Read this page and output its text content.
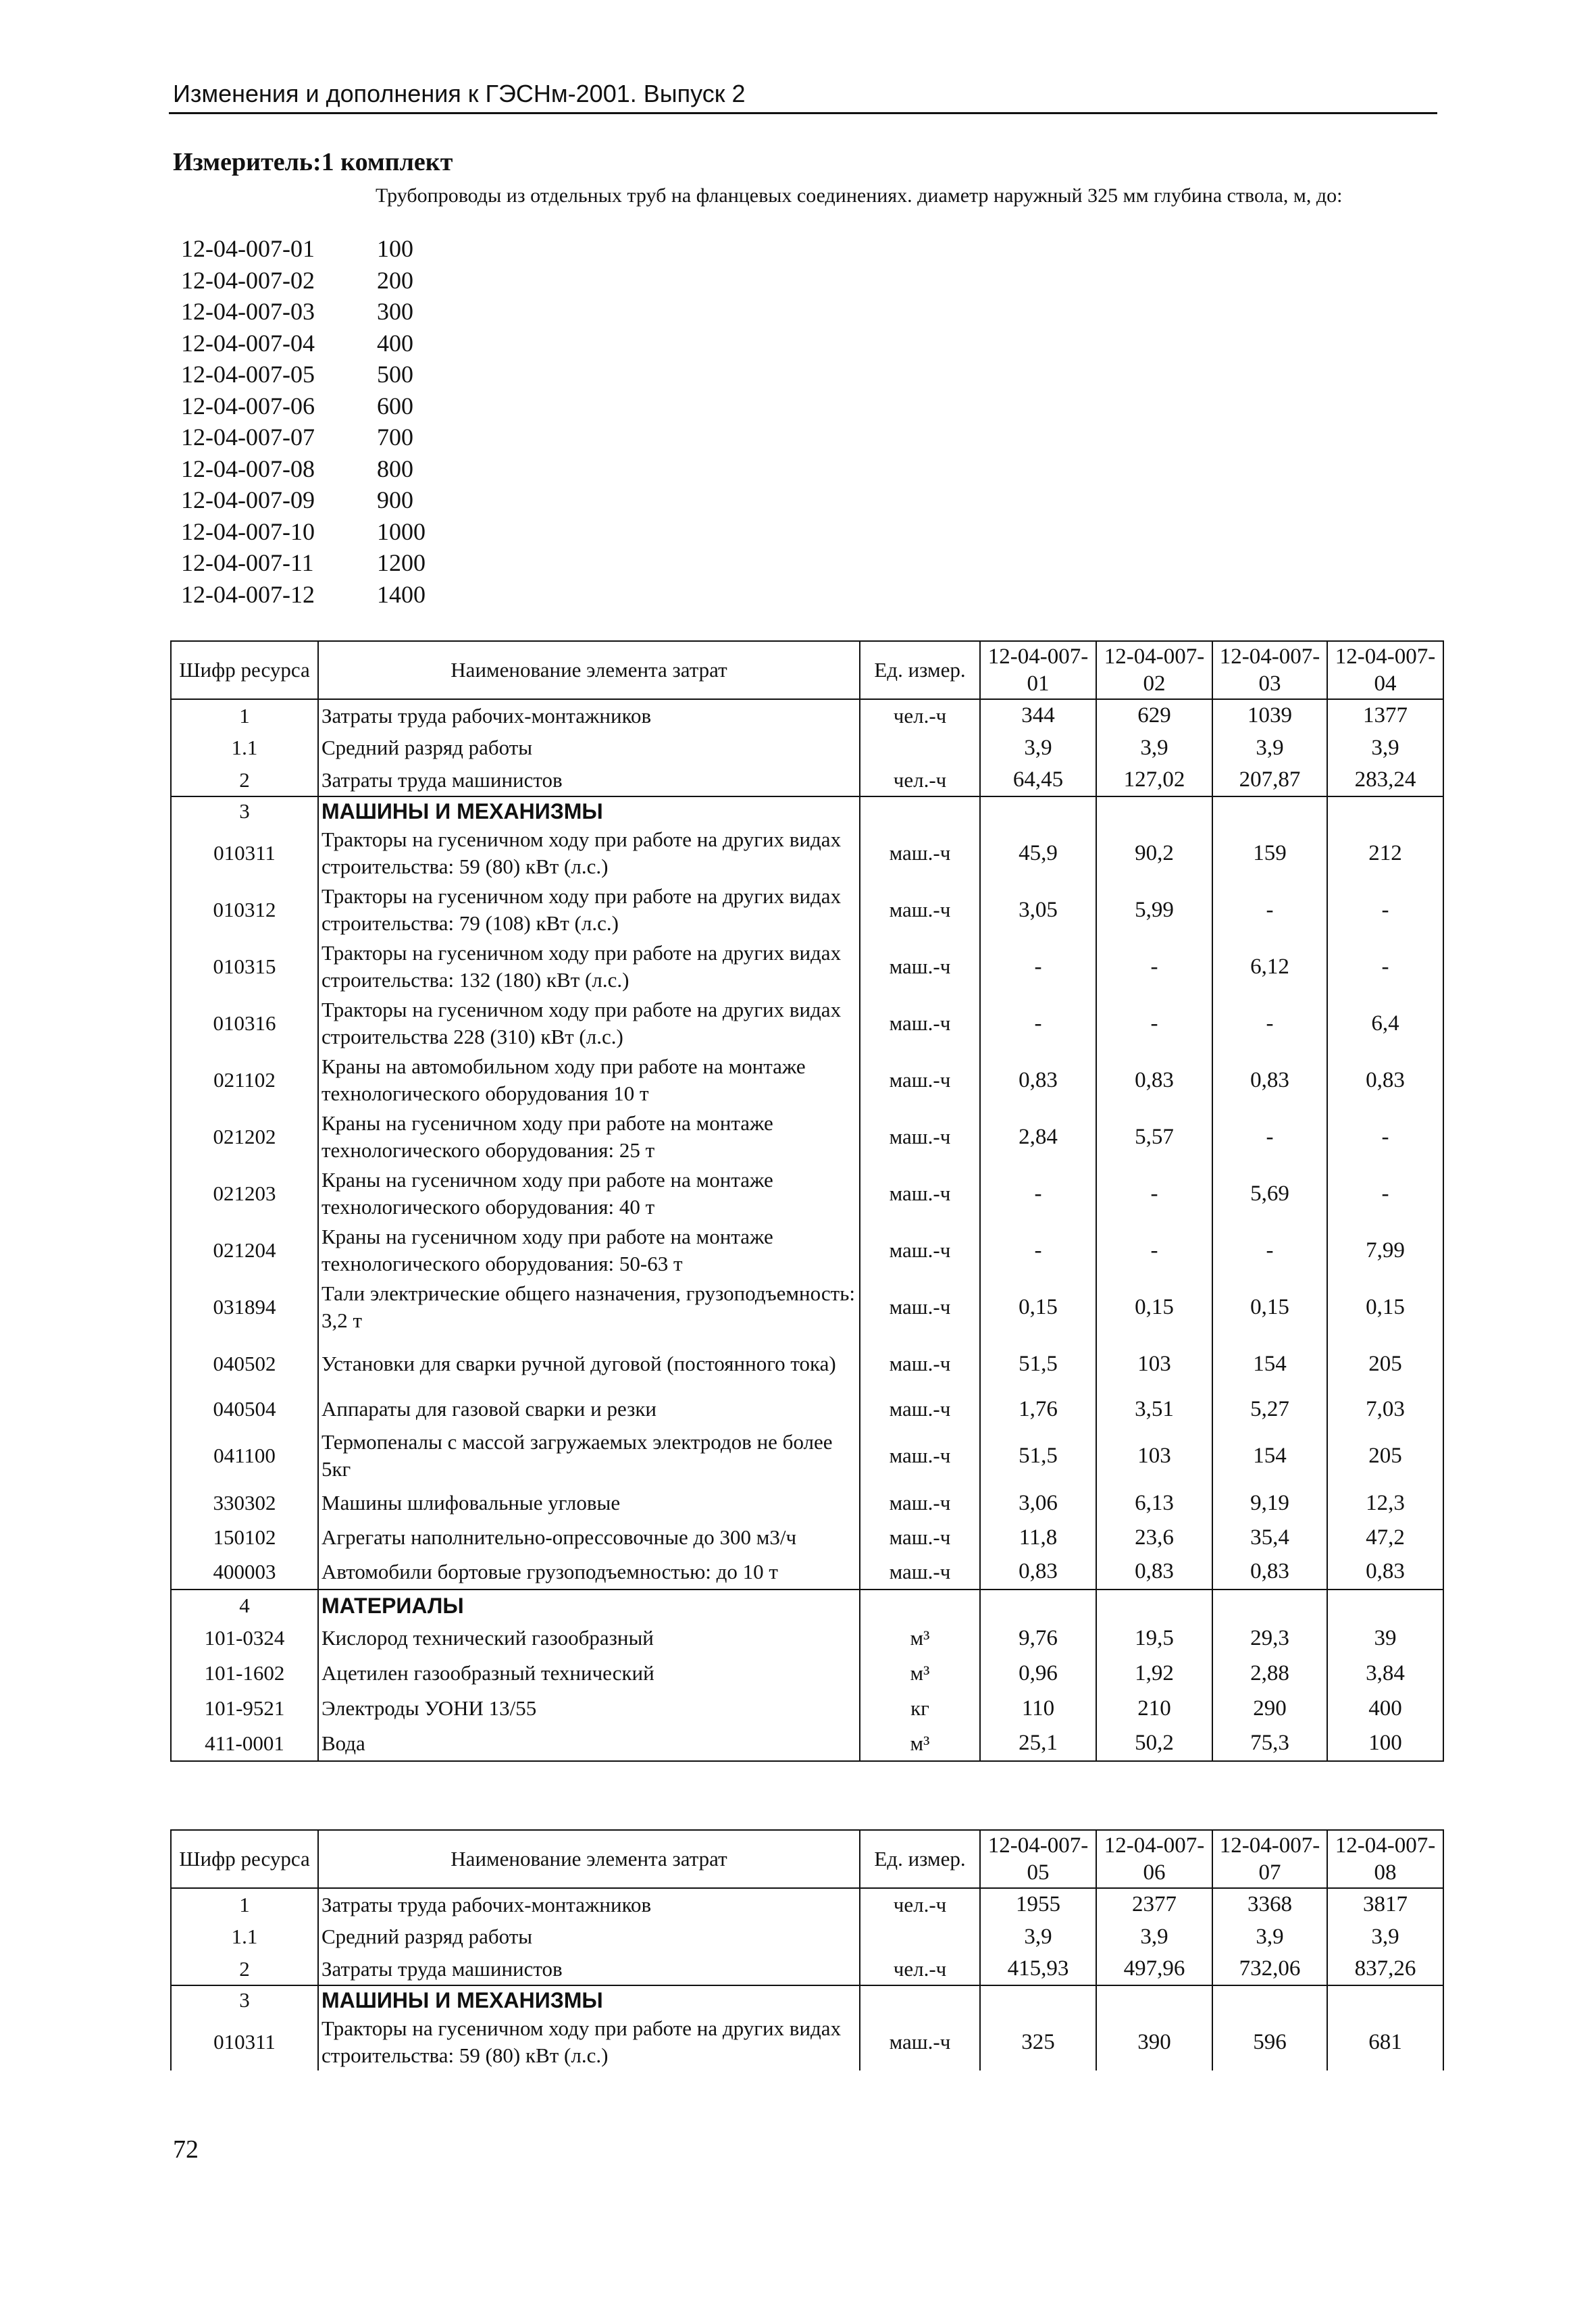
Изменения и дополнения к ГЭСНм-2001. Выпуск 2
Измеритель:1 комплект
Трубопроводы из отдельных труб на фланцевых соединениях. диаметр наружный 325 мм глубина ствола, м, до:
12-04-007-01	100
12-04-007-02	200
12-04-007-03	300
12-04-007-04	400
12-04-007-05	500
12-04-007-06	600
12-04-007-07	700
12-04-007-08	800
12-04-007-09	900
12-04-007-10	1000
12-04-007-11	1200
12-04-007-12	1400
Шифр ресурса	Наименование элемента затрат	Ед. измер.	12-04-007-01	12-04-007-02	12-04-007-03	12-04-007-04
1	Затраты труда рабочих-монтажников	чел.-ч	344	629	1039	1377
1.1	Средний разряд работы		3,9	3,9	3,9	3,9
2	Затраты труда машинистов	чел.-ч	64,45	127,02	207,87	283,24
3	МАШИНЫ И МЕХАНИЗМЫ					
010311	Тракторы на гусеничном ходу при работе на других видах строительства: 59 (80) кВт (л.с.)	маш.-ч	45,9	90,2	159	212
010312	Тракторы на гусеничном ходу при работе на других видах строительства: 79 (108) кВт (л.с.)	маш.-ч	3,05	5,99	-	-
010315	Тракторы на гусеничном ходу при работе на других видах строительства: 132 (180) кВт (л.с.)	маш.-ч	-	-	6,12	-
010316	Тракторы на гусеничном ходу при работе на других видах строительства 228 (310) кВт (л.с.)	маш.-ч	-	-	-	6,4
021102	Краны на автомобильном ходу при работе на монтаже технологического оборудования 10 т	маш.-ч	0,83	0,83	0,83	0,83
021202	Краны на гусеничном ходу при работе на монтаже технологического оборудования: 25 т	маш.-ч	2,84	5,57	-	-
021203	Краны на гусеничном ходу при работе на монтаже технологического оборудования: 40 т	маш.-ч	-	-	5,69	-
021204	Краны на гусеничном ходу при работе на монтаже технологического оборудования: 50-63 т	маш.-ч	-	-	-	7,99
031894	Тали электрические общего назначения, грузоподъемность: 3,2 т	маш.-ч	0,15	0,15	0,15	0,15
040502	Установки для сварки ручной дуговой (постоянного тока)	маш.-ч	51,5	103	154	205
040504	Аппараты для газовой сварки и резки	маш.-ч	1,76	3,51	5,27	7,03
041100	Термопеналы с массой загружаемых электродов не более 5кг	маш.-ч	51,5	103	154	205
330302	Машины шлифовальные угловые	маш.-ч	3,06	6,13	9,19	12,3
150102	Агрегаты наполнительно-опрессовочные до 300 м3/ч	маш.-ч	11,8	23,6	35,4	47,2
400003	Автомобили бортовые грузоподъемностью: до 10 т	маш.-ч	0,83	0,83	0,83	0,83
4	МАТЕРИАЛЫ					
101-0324	Кислород технический газообразный	м³	9,76	19,5	29,3	39
101-1602	Ацетилен газообразный технический	м³	0,96	1,92	2,88	3,84
101-9521	Электроды УОНИ 13/55	кг	110	210	290	400
411-0001	Вода	м³	25,1	50,2	75,3	100
Шифр ресурса	Наименование элемента затрат	Ед. измер.	12-04-007-05	12-04-007-06	12-04-007-07	12-04-007-08
1	Затраты труда рабочих-монтажников	чел.-ч	1955	2377	3368	3817
1.1	Средний разряд работы		3,9	3,9	3,9	3,9
2	Затраты труда машинистов	чел.-ч	415,93	497,96	732,06	837,26
3	МАШИНЫ И МЕХАНИЗМЫ					
010311	Тракторы на гусеничном ходу при работе на других видах строительства: 59 (80) кВт (л.с.)	маш.-ч	325	390	596	681
72
